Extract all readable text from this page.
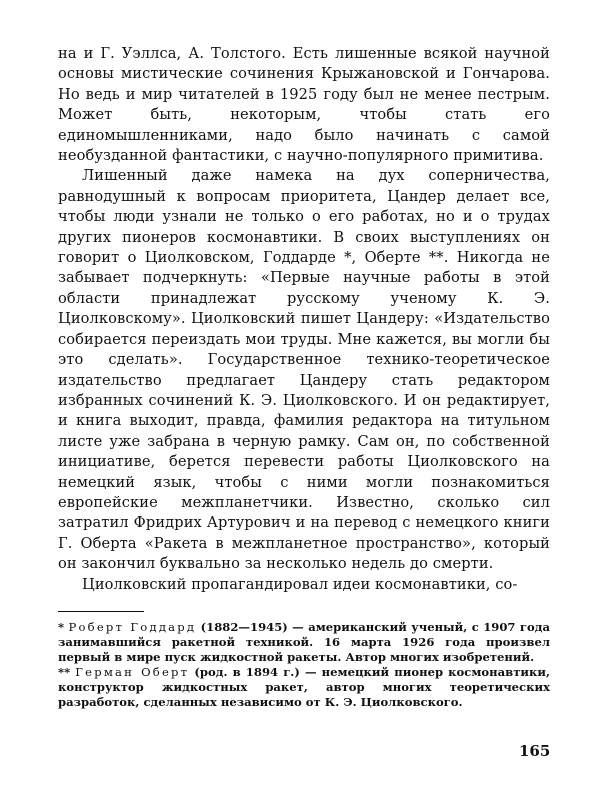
на и Г. Уэллса, А. Толстого. Есть лишенные всякой научной основы мистические сочинения Крыжановской и Гончарова. Но ведь и мир читателей в 1925 году был не менее пестрым. Может быть, некоторым, чтобы стать его единомышленниками, надо было начинать с самой необузданной фантастики, с научно-популярного примитива.

Лишенный даже намека на дух соперничества, равнодушный к вопросам приоритета, Цандер делает все, чтобы люди узнали не только о его работах, но и о трудах других пионеров космонавтики. В своих выступлениях он говорит о Циолковском, Годдарде *, Оберте **. Никогда не забывает подчеркнуть: «Первые научные работы в этой области принадлежат русскому ученому К. Э. Циолковскому». Циолковский пишет Цандеру: «Издательство собирается переиздать мои труды. Мне кажется, вы могли бы это сделать». Государственное технико-теоретическое издательство предлагает Цандеру стать редактором избранных сочинений К. Э. Циолковского. И он редактирует, и книга выходит, правда, фамилия редактора на титульном листе уже забрана в черную рамку. Сам он, по собственной инициативе, берется перевести работы Циолковского на немецкий язык, чтобы с ними могли познакомиться европейские межпланетчики. Известно, сколько сил затратил Фридрих Артурович и на перевод с немецкого книги Г. Оберта «Ракета в межпланетное пространство», который он закончил буквально за несколько недель до смерти.

Циолковский пропагандировал идеи космонавтики, со-

* Роберт Годдард (1882—1945) — американский ученый, с 1907 года занимавшийся ракетной техникой. 16 марта 1926 года произвел первый в мире пуск жидкостной ракеты. Автор многих изобретений.

** Герман Оберт (род. в 1894 г.) — немецкий пионер космонавтики, конструктор жидкостных ракет, автор многих теоретических разработок, сделанных независимо от К. Э. Циолковского.

165
